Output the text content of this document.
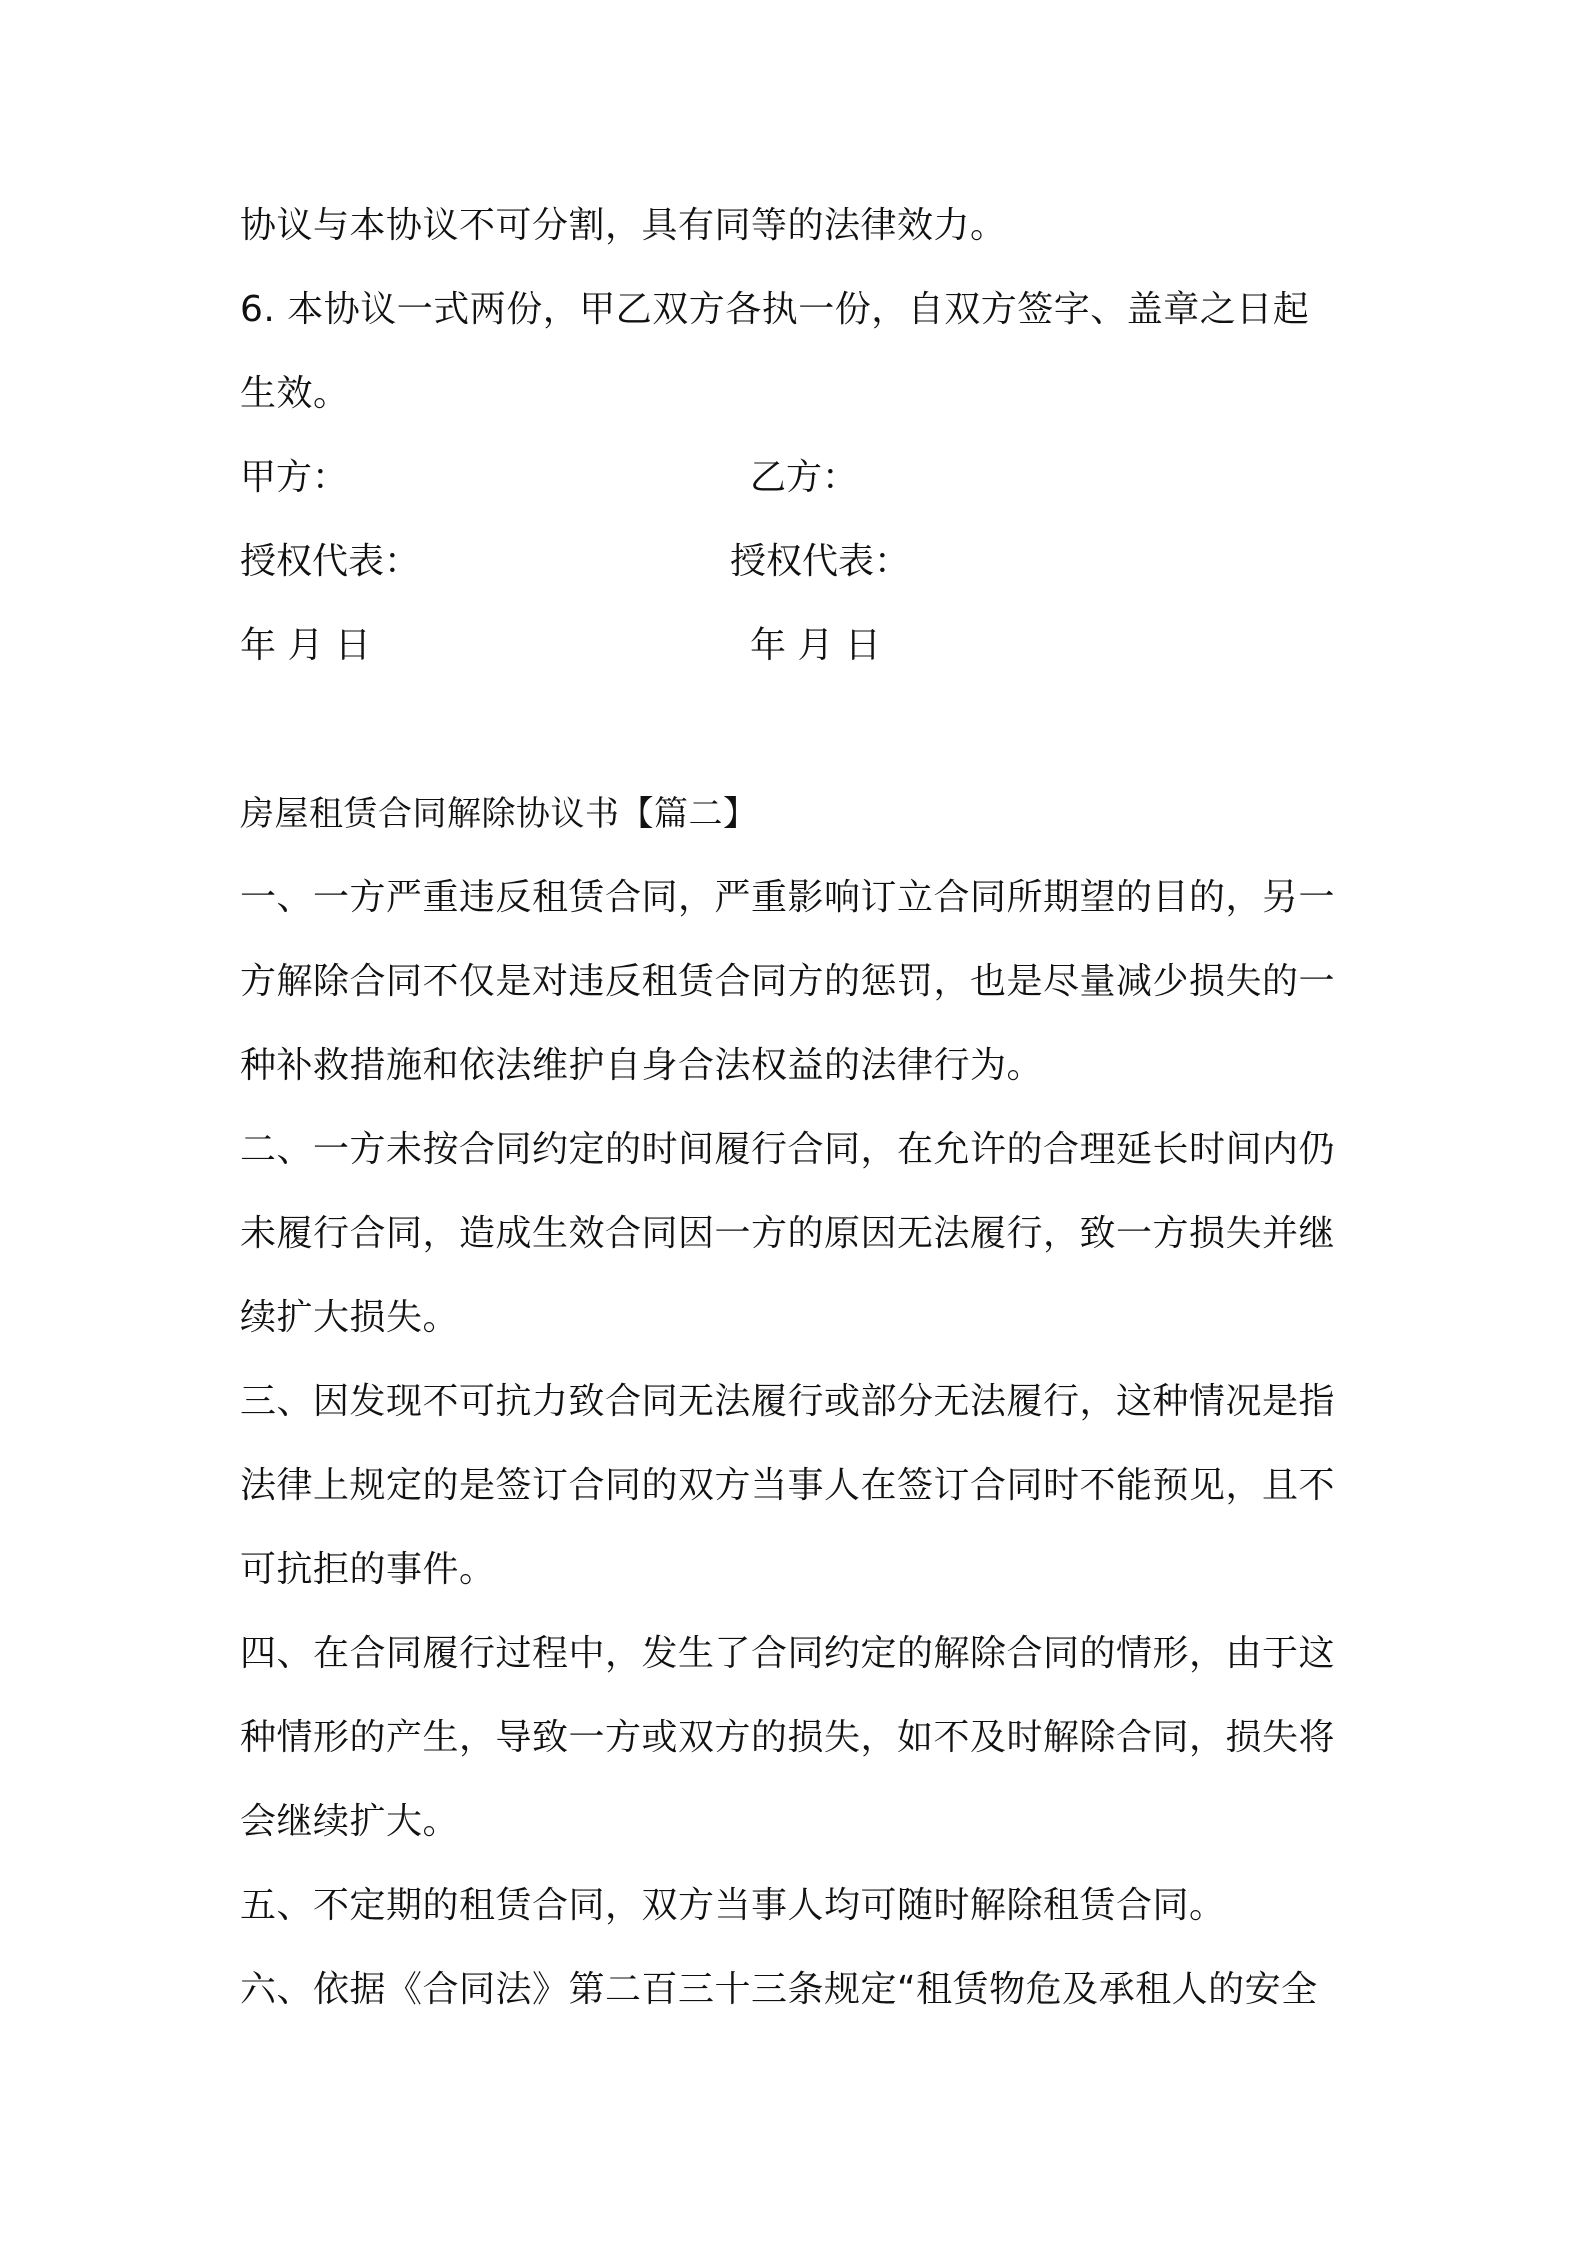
协议与本协议不可分割，具有同等的法律效力。
6. 本协议一式两份，甲乙双方各执一份，自双方签字、盖章之日起
生效。
甲方：	乙方：
授权代表：	授权代表：
年 月 日	年 月 日
房屋租赁合同解除协议书【篇二】
一、一方严重违反租赁合同，严重影响订立合同所期望的目的，另一
方解除合同不仅是对违反租赁合同方的惩罚，也是尽量减少损失的一
种补救措施和依法维护自身合法权益的法律行为。
二、一方未按合同约定的时间履行合同，在允许的合理延长时间内仍
未履行合同，造成生效合同因一方的原因无法履行，致一方损失并继
续扩大损失。
三、因发现不可抗力致合同无法履行或部分无法履行，这种情况是指
法律上规定的是签订合同的双方当事人在签订合同时不能预见，且不
可抗拒的事件。
四、在合同履行过程中，发生了合同约定的解除合同的情形，由于这
种情形的产生，导致一方或双方的损失，如不及时解除合同，损失将
会继续扩大。
五、不定期的租赁合同，双方当事人均可随时解除租赁合同。
六、依据《合同法》第二百三十三条规定“租赁物危及承租人的安全
